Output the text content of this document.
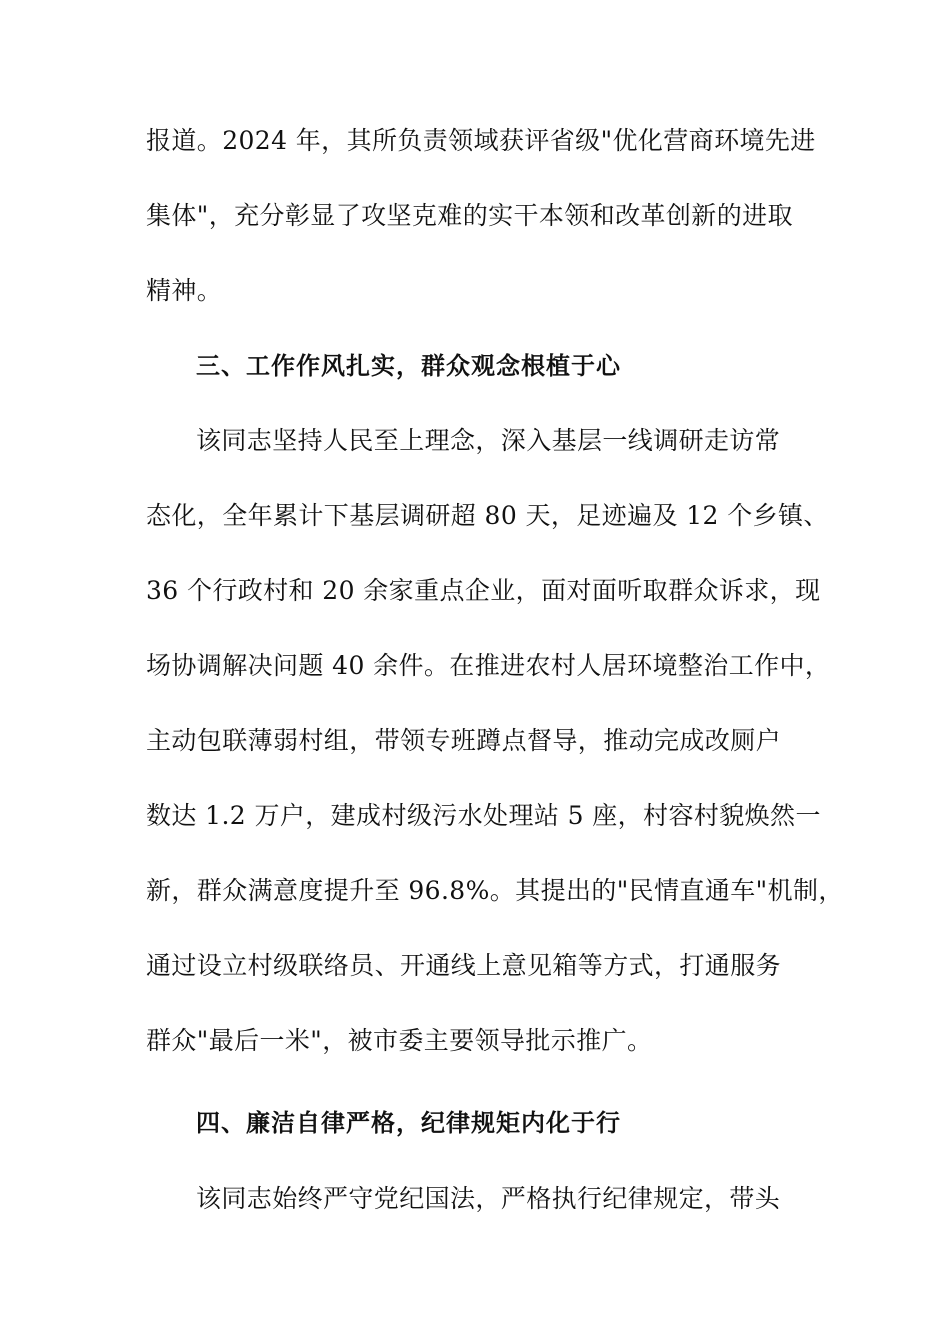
报道。2024 年，其所负责领域获评省级"优化营商环境先进
集体"，充分彰显了攻坚克难的实干本领和改革创新的进取
精神。
三、工作作风扎实，群众观念根植于心
该同志坚持人民至上理念，深入基层一线调研走访常
态化，全年累计下基层调研超 80 天，足迹遍及 12 个乡镇、
36 个行政村和 20 余家重点企业，面对面听取群众诉求，现
场协调解决问题 40 余件。在推进农村人居环境整治工作中，
主动包联薄弱村组，带领专班蹲点督导，推动完成改厕户
数达 1.2 万户，建成村级污水处理站 5 座，村容村貌焕然一
新，群众满意度提升至 96.8%。其提出的"民情直通车"机制，
通过设立村级联络员、开通线上意见箱等方式，打通服务
群众"最后一米"，被市委主要领导批示推广。
四、廉洁自律严格，纪律规矩内化于行
该同志始终严守党纪国法，严格执行纪律规定，带头
